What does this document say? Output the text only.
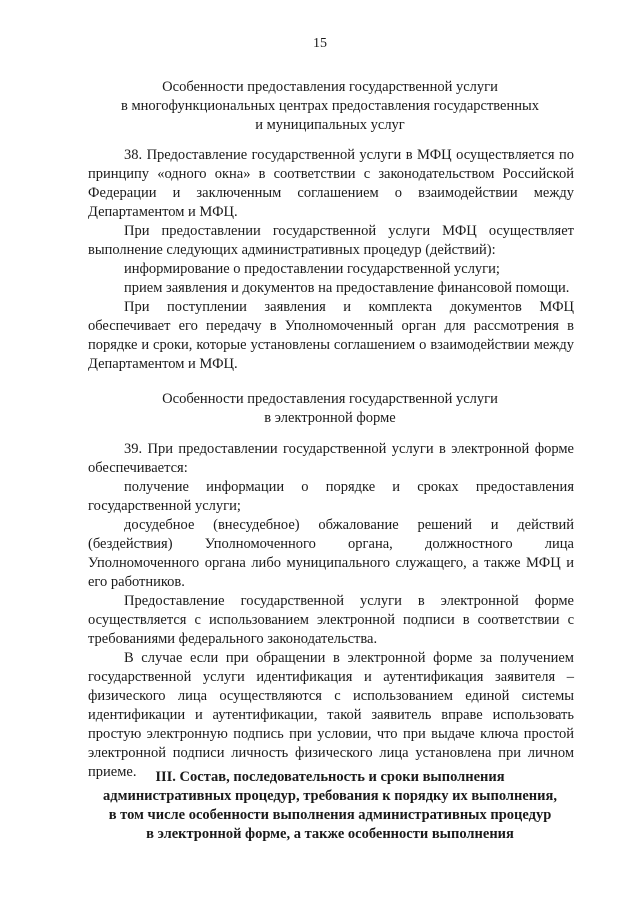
15
Особенности предоставления государственной услуги
в многофункциональных центрах предоставления государственных
и муниципальных услуг

38. Предоставление государственной услуги в МФЦ осуществляется по принципу «одного окна» в соответствии с законодательством Российской Федерации и заключенным соглашением о взаимодействии между Департаментом и МФЦ.

При предоставлении государственной услуги МФЦ осуществляет выполнение следующих административных процедур (действий):

информирование о предоставлении государственной услуги;

прием заявления и документов на предоставление финансовой помощи.

При поступлении заявления и комплекта документов МФЦ обеспечивает его передачу в Уполномоченный орган для рассмотрения в порядке и сроки, которые установлены соглашением о взаимодействии между Департаментом и МФЦ.

Особенности предоставления государственной услуги
в электронной форме

39. При предоставлении государственной услуги в электронной форме обеспечивается:

получение информации о порядке и сроках предоставления государственной услуги;

досудебное (внесудебное) обжалование решений и действий (бездействия) Уполномоченного органа, должностного лица Уполномоченного органа либо муниципального служащего, а также МФЦ и его работников.

Предоставление государственной услуги в электронной форме осуществляется с использованием электронной подписи в соответствии с требованиями федерального законодательства.

В случае если при обращении в электронной форме за получением государственной услуги идентификация и аутентификация заявителя – физического лица осуществляются с использованием единой системы идентификации и аутентификации, такой заявитель вправе использовать простую электронную подпись при условии, что при выдаче ключа простой электронной подписи личность физического лица установлена при личном приеме.	III. Состав, последовательность и сроки выполнения
административных процедур, требования к порядку их выполнения,
в том числе особенности выполнения административных процедур
в электронной форме, а также особенности выполнения
